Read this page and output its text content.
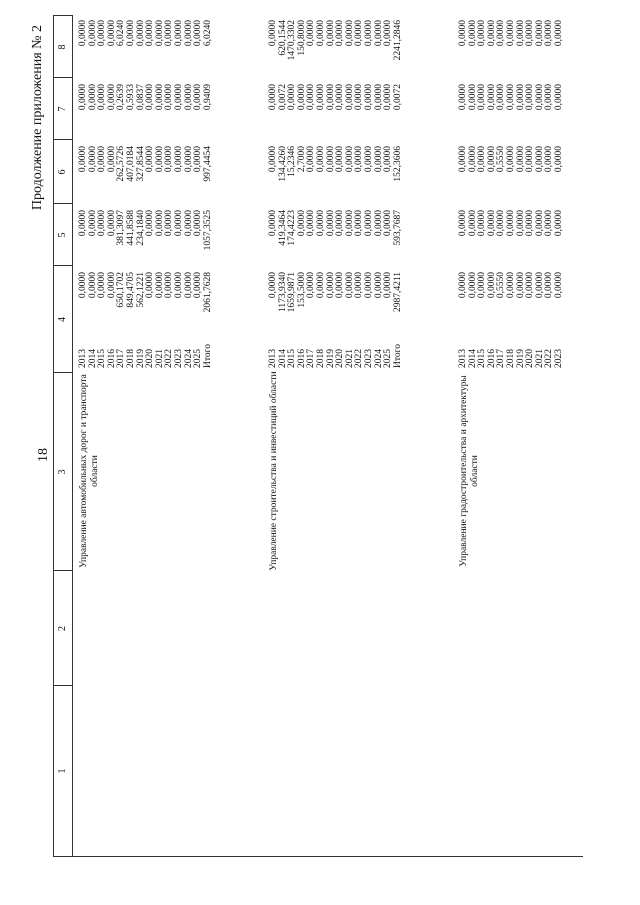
18
Продолжение приложения № 2
1
2
3
4
5
6
7
8
Управление автомобильных дорог и транспорта области
2013 2014 2015 2016 2017 2018 2019 2020 2021 2022 2023 2024 2025 Итого
0,0000 0,0000 0,0000 0,0000 650,1702 849,4705 562,1221 0,0000 0,0000 0,0000 0,0000 0,0000 0,0000 2061,7628
0,0000 0,0000 0,0000 0,0000 381,3097 441,8588 234,1840 0,0000 0,0000 0,0000 0,0000 0,0000 0,0000 1057,3525
0,0000 0,0000 0,0000 0,0000 262,5726 407,0184 327,8544 0,0000 0,0000 0,0000 0,0000 0,0000 0,0000 997,4454
0,0000 0,0000 0,0000 0,0000 0,2639 0,5933 0,0837 0,0000 0,0000 0,0000 0,0000 0,0000 0,0000 0,9409
0,0000 0,0000 0,0000 0,0000 6,0240 0,0000 0,0000 0,0000 0,0000 0,0000 0,0000 0,0000 0,0000 6,0240
Управление строительства и инвестиций области
2013 2014 2015 2016 2017 2018 2019 2020 2021 2022 2023 2024 2025 Итого
0,0000 1173,9340 1659,9871 153,5000 0,0000 0,0000 0,0000 0,0000 0,0000 0,0000 0,0000 0,0000 0,0000 2987,4211
0,0000 419,3464 174,4223 0,0000 0,0000 0,0000 0,0000 0,0000 0,0000 0,0000 0,0000 0,0000 0,0000 593,7687
0,0000 134,4260 15,2346 2,7000 0,0000 0,0000 0,0000 0,0000 0,0000 0,0000 0,0000 0,0000 0,0000 152,3606
0,0000 0,0072 0,0000 0,0000 0,0000 0,0000 0,0000 0,0000 0,0000 0,0000 0,0000 0,0000 0,0000 0,0072
0,0000 620,1544 1470,3302 150,8000 0,0000 0,0000 0,0000 0,0000 0,0000 0,0000 0,0000 0,0000 0,0000 2241,2846
Управление градостроительства и архитектуры области
2013 2014 2015 2016 2017 2018 2019 2020 2021 2022 2023
0,0000 0,0000 0,0000 0,0000 0,5550 0,0000 0,0000 0,0000 0,0000 0,0000 0,0000
0,0000 0,0000 0,0000 0,0000 0,0000 0,0000 0,0000 0,0000 0,0000 0,0000 0,0000
0,0000 0,0000 0,0000 0,0000 0,5550 0,0000 0,0000 0,0000 0,0000 0,0000 0,0000
0,0000 0,0000 0,0000 0,0000 0,0000 0,0000 0,0000 0,0000 0,0000 0,0000 0,0000
0,0000 0,0000 0,0000 0,0000 0,0000 0,0000 0,0000 0,0000 0,0000 0,0000 0,0000
